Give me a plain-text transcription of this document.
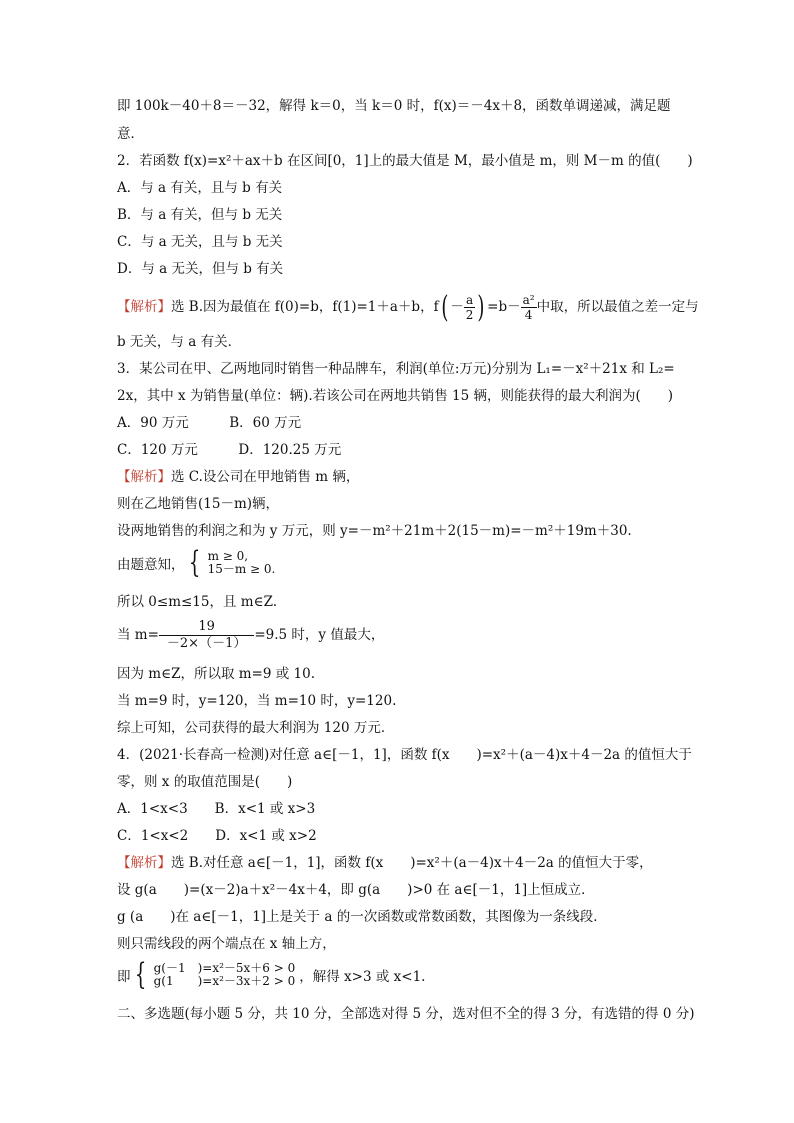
即 100k－40＋8＝－32，解得 k＝0，当 k＝0 时，f(x)＝－4x＋8，函数单调递减，满足题
意．
2．若函数 f(x)=x²＋ax＋b 在区间[0，1]上的最大值是 M，最小值是 m，则 M－m 的值(　　)
A．与 a 有关，且与 b 有关
B．与 a 有关，但与 b 无关
C．与 a 无关，且与 b 无关
D．与 a 无关，但与 b 有关
【解析】选 B.因为最值在 f(0)=b，f(1)=1＋a＋b，$f( - \frac{a}{2}$ ) $=b- \frac{\text{a²}}{4}$ 中取，所以最值之差一定与
b 无关，与 a 有关．
3．某公司在甲、乙两地同时销售一种品牌车，利润(单位:万元)分别为 L₁=－x²＋21x 和 L₂=
2x，其中 x 为销售量(单位：辆).若该公司在两地共销售 15 辆，则能获得的最大利润为(　　)
A．90 万元　　　B．60 万元
C．120 万元　　　D．120.25 万元
【解析】选 C.设公司在甲地销售 m 辆，
则在乙地销售(15－m)辆，
设两地销售的利润之和为 y 万元，则 y=－m²＋21m＋2(15－m)=－m²＋19m＋30.
由题意知， { m ≥ 0,
15－m ≥ 0.
所以 0≤m≤15，且 m∈Z.
当 $m= \frac{19}{-2\times(-1)} =9.5$ 时，y 值最大，
因为 m∈Z，所以取 m=9 或 10.
当 m=9 时，y=120，当 m=10 时，y=120.
综上可知，公司获得的最大利润为 120 万元．
4．(2021·长春高一检测)对任意 a∈[－1，1]，函数 f(x　　)=x²＋(a－4)x＋4－2a 的值恒大于
零，则 x 的取值范围是(　　)
A．1<x<3　　B．x<1 或 x>3
C．1<x<2　　D．x<1 或 x>2
【解析】选 B.对任意 a∈[－1，1]，函数 f(x　　)=x²＋(a－4)x＋4－2a 的值恒大于零，
设 g(a　　)=(x－2)a＋x²－4x＋4，即 g(a　　)>0 在 a∈[－1，1]上恒成立．
g (a　　)在 a∈[－1，1]上是关于 a 的一次函数或常数函数，其图像为一条线段．
则只需线段的两个端点在 x 轴上方，
即 { g(－1　)=x²－5x＋6 > 0
g(1　　)=x²－3x＋2 > 0 ，解得 x>3 或 x<1.
二、多选题(每小题 5 分，共 10 分，全部选对得 5 分，选对但不全的得 3 分，有选错的得 0 分)
